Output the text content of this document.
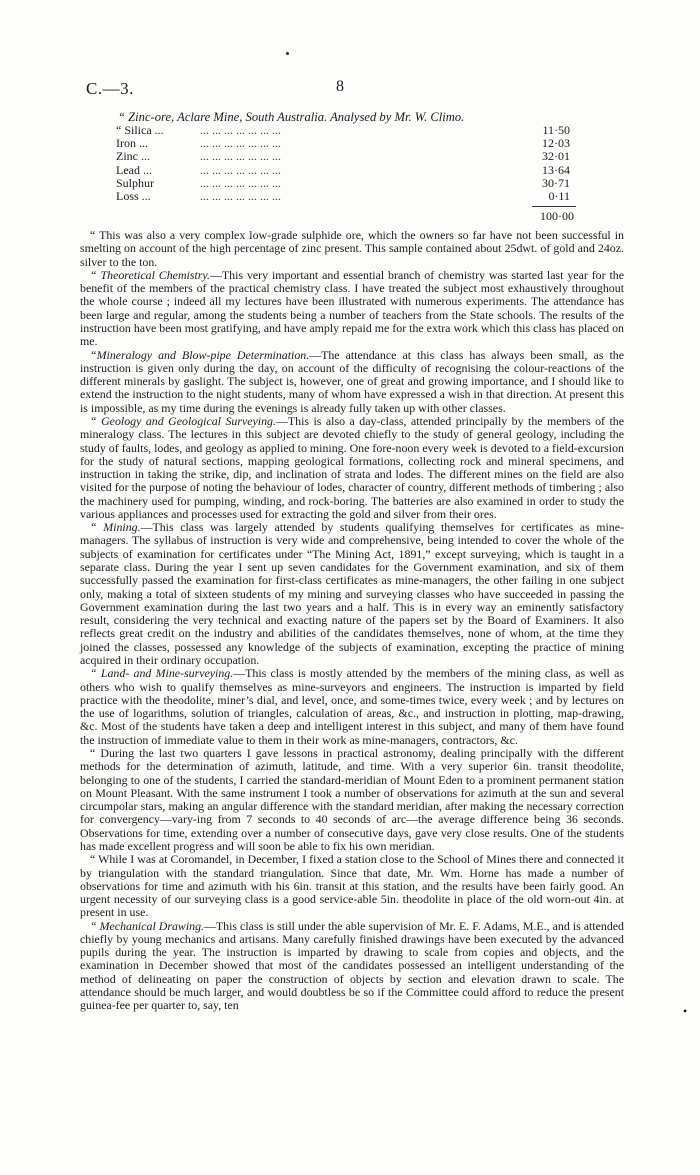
C.—3.	8
“ Zinc-ore, Aclare Mine, South Australia. Analysed by Mr. W. Climo.
“ Silica ...	... ... ... ... ... ... ...	11·50
Iron ...	... ... ... ... ... ... ...	12·03
Zinc ...	... ... ... ... ... ... ...	32·01
Lead ...	... ... ... ... ... ... ...	13·64
Sulphur	... ... ... ... ... ... ...	30·71
Loss ...	... ... ... ... ... ... ...	0·11
100·00

“ This was also a very complex low-grade sulphide ore, which the owners so far have not been successful in smelting on account of the high percentage of zinc present. This sample contained about 25dwt. of gold and 24oz. silver to the ton.

“ Theoretical Chemistry.—This very important and essential branch of chemistry was started last year for the benefit of the members of the practical chemistry class. I have treated the subject most exhaustively throughout the whole course ; indeed all my lectures have been illustrated with numerous experiments. The attendance has been large and regular, among the students being a number of teachers from the State schools. The results of the instruction have been most gratifying, and have amply repaid me for the extra work which this class has placed on me.

“Mineralogy and Blow-pipe Determination.—The attendance at this class has always been small, as the instruction is given only during the day, on account of the difficulty of recognising the colour-reactions of the different minerals by gaslight. The subject is, however, one of great and growing importance, and I should like to extend the instruction to the night students, many of whom have expressed a wish in that direction. At present this is impossible, as my time during the evenings is already fully taken up with other classes.

“ Geology and Geological Surveying.—This is also a day-class, attended principally by the members of the mineralogy class. The lectures in this subject are devoted chiefly to the study of general geology, including the study of faults, lodes, and geology as applied to mining. One fore-noon every week is devoted to a field-excursion for the study of natural sections, mapping geological formations, collecting rock and mineral specimens, and instruction in taking the strike, dip, and inclination of strata and lodes. The different mines on the field are also visited for the purpose of noting the behaviour of lodes, character of country, different methods of timbering ; also the machinery used for pumping, winding, and rock-boring. The batteries are also examined in order to study the various appliances and processes used for extracting the gold and silver from their ores.

“ Mining.—This class was largely attended by students qualifying themselves for certificates as mine-managers. The syllabus of instruction is very wide and comprehensive, being intended to cover the whole of the subjects of examination for certificates under “The Mining Act, 1891,” except surveying, which is taught in a separate class. During the year I sent up seven candidates for the Government examination, and six of them successfully passed the examination for first-class certificates as mine-managers, the other failing in one subject only, making a total of sixteen students of my mining and surveying classes who have succeeded in passing the Government examination during the last two years and a half. This is in every way an eminently satisfactory result, considering the very technical and exacting nature of the papers set by the Board of Examiners. It also reflects great credit on the industry and abilities of the candidates themselves, none of whom, at the time they joined the classes, possessed any knowledge of the subjects of examination, excepting the practice of mining acquired in their ordinary occupation.

“ Land- and Mine-surveying.—This class is mostly attended by the members of the mining class, as well as others who wish to qualify themselves as mine-surveyors and engineers. The instruction is imparted by field practice with the theodolite, miner’s dial, and level, once, and some-times twice, every week ; and by lectures on the use of logarithms, solution of triangles, calculation of areas, &c., and instruction in plotting, map-drawing, &c. Most of the students have taken a deep and intelligent interest in this subject, and many of them have found the instruction of immediate value to them in their work as mine-managers, contractors, &c.

“ During the last two quarters I gave lessons in practical astronomy, dealing principally with the different methods for the determination of azimuth, latitude, and time. With a very superior 6in. transit theodolite, belonging to one of the students, I carried the standard-meridian of Mount Eden to a prominent permanent station on Mount Pleasant. With the same instrument I took a number of observations for azimuth at the sun and several circumpolar stars, making an angular difference with the standard meridian, after making the necessary correction for convergency—vary-ing from 7 seconds to 40 seconds of arc—the average difference being 36 seconds. Observations for time, extending over a number of consecutive days, gave very close results. One of the students has made excellent progress and will soon be able to fix his own meridian.

“ While I was at Coromandel, in December, I fixed a station close to the School of Mines there and connected it by triangulation with the standard triangulation. Since that date, Mr. Wm. Horne has made a number of observations for time and azimuth with his 6in. transit at this station, and the results have been fairly good. An urgent necessity of our surveying class is a good service-able 5in. theodolite in place of the old worn-out 4in. at present in use.

“ Mechanical Drawing.—This class is still under the able supervision of Mr. E. F. Adams, M.E., and is attended chiefly by young mechanics and artisans. Many carefully finished drawings have been executed by the advanced pupils during the year. The instruction is imparted by drawing to scale from copies and objects, and the examination in December showed that most of the candidates possessed an intelligent understanding of the method of delineating on paper the construction of objects by section and elevation drawn to scale. The attendance should be much larger, and would doubtless be so if the Committee could afford to reduce the present guinea-fee per quarter to, say, ten	•
